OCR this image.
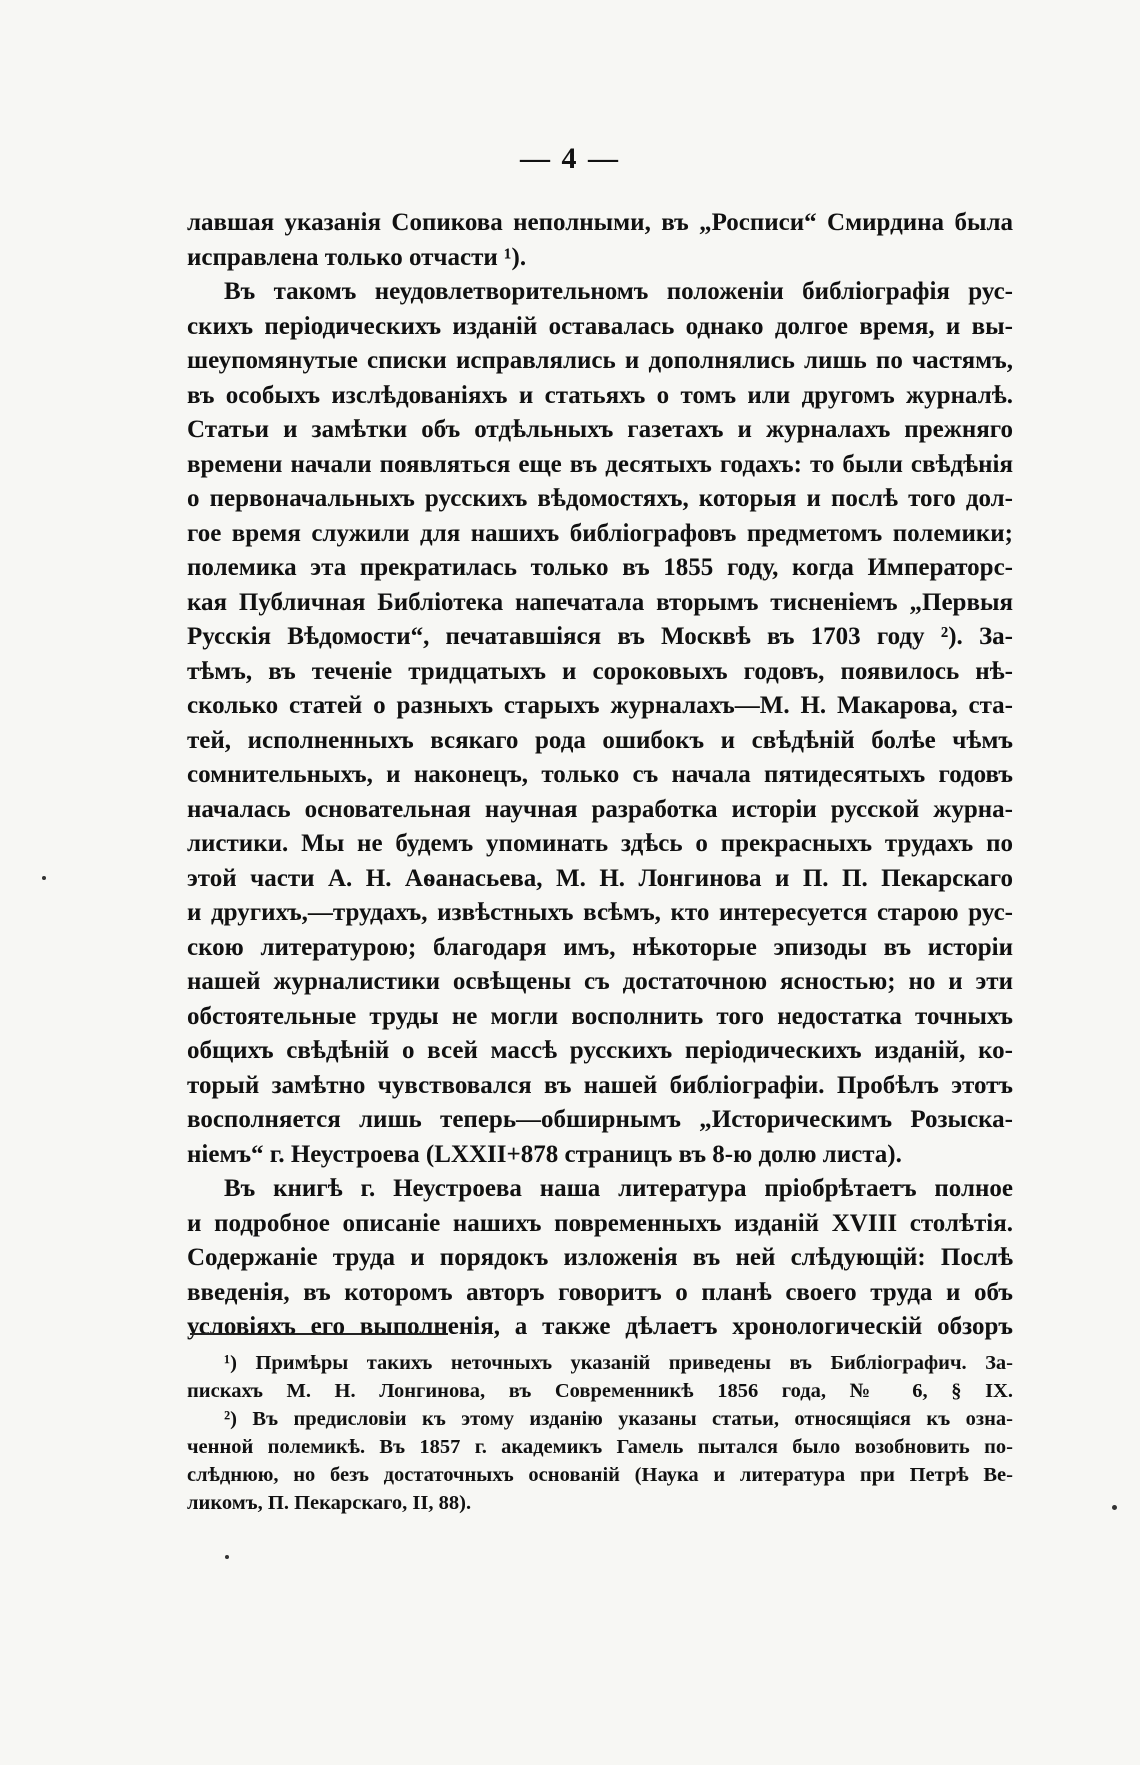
— 4 —
лавшая указанія Сопикова неполными, въ „Росписи“ Смирдина была
исправлена только отчасти ¹).
Въ такомъ неудовлетворительномъ положеніи библіографія рус-
скихъ періодическихъ изданій оставалась однако долгое время, и вы-
шеупомянутые списки исправлялись и дополнялись лишь по частямъ,
въ особыхъ изслѣдованіяхъ и статьяхъ о томъ или другомъ журналѣ.
Статьи и замѣтки объ отдѣльныхъ газетахъ и журналахъ прежняго
времени начали появляться еще въ десятыхъ годахъ: то были свѣдѣнія
о первоначальныхъ русскихъ вѣдомостяхъ, которыя и послѣ того дол-
гое время служили для нашихъ библіографовъ предметомъ полемики;
полемика эта прекратилась только въ 1855 году, когда Императорс-
кая Публичная Библіотека напечатала вторымъ тисненіемъ „Первыя
Русскія Вѣдомости“, печатавшіяся въ Москвѣ въ 1703 году ²). За-
тѣмъ, въ теченіе тридцатыхъ и сороковыхъ годовъ, появилось нѣ-
сколько статей о разныхъ старыхъ журналахъ—М. Н. Макарова, ста-
тей, исполненныхъ всякаго рода ошибокъ и свѣдѣній болѣе чѣмъ
сомнительныхъ, и наконецъ, только съ начала пятидесятыхъ годовъ
началась основательная научная разработка исторіи русской журна-
листики. Мы не будемъ упоминать здѣсь о прекрасныхъ трудахъ по
этой части А. Н. Аѳанасьева, М. Н. Лонгинова и П. П. Пекарскаго
и другихъ,—трудахъ, извѣстныхъ всѣмъ, кто интересуется старою рус-
скою литературою; благодаря имъ, нѣкоторые эпизоды въ исторіи
нашей журналистики освѣщены съ достаточною ясностью; но и эти
обстоятельные труды не могли восполнить того недостатка точныхъ
общихъ свѣдѣній о всей массѣ русскихъ періодическихъ изданій, ко-
торый замѣтно чувствовался въ нашей библіографіи. Пробѣлъ этотъ
восполняется лишь теперь—обширнымъ „Историческимъ Розыска-
ніемъ“ г. Неустроева (LXXII+878 страницъ въ 8-ю долю листа).
Въ книгѣ г. Неустроева наша литература пріобрѣтаетъ полное
и подробное описаніе нашихъ повременныхъ изданій XVIII столѣтія.
Содержаніе труда и порядокъ изложенія въ ней слѣдующій: Послѣ
введенія, въ которомъ авторъ говоритъ о планѣ своего труда и объ
условіяхъ его выполненія, а также дѣлаетъ хронологическій обзоръ
¹) Примѣры такихъ неточныхъ указаній приведены въ Библіографич. За-
пискахъ М. Н. Лонгинова, въ Современникѣ 1856 года, № 6, § IX.
²) Въ предисловіи къ этому изданію указаны статьи, относящіяся къ озна-
ченной полемикѣ. Въ 1857 г. академикъ Гамель пытался было возобновить по-
слѣднюю, но безъ достаточныхъ основаній (Наука и литература при Петрѣ Ве-
ликомъ, П. Пекарскаго, II, 88).
